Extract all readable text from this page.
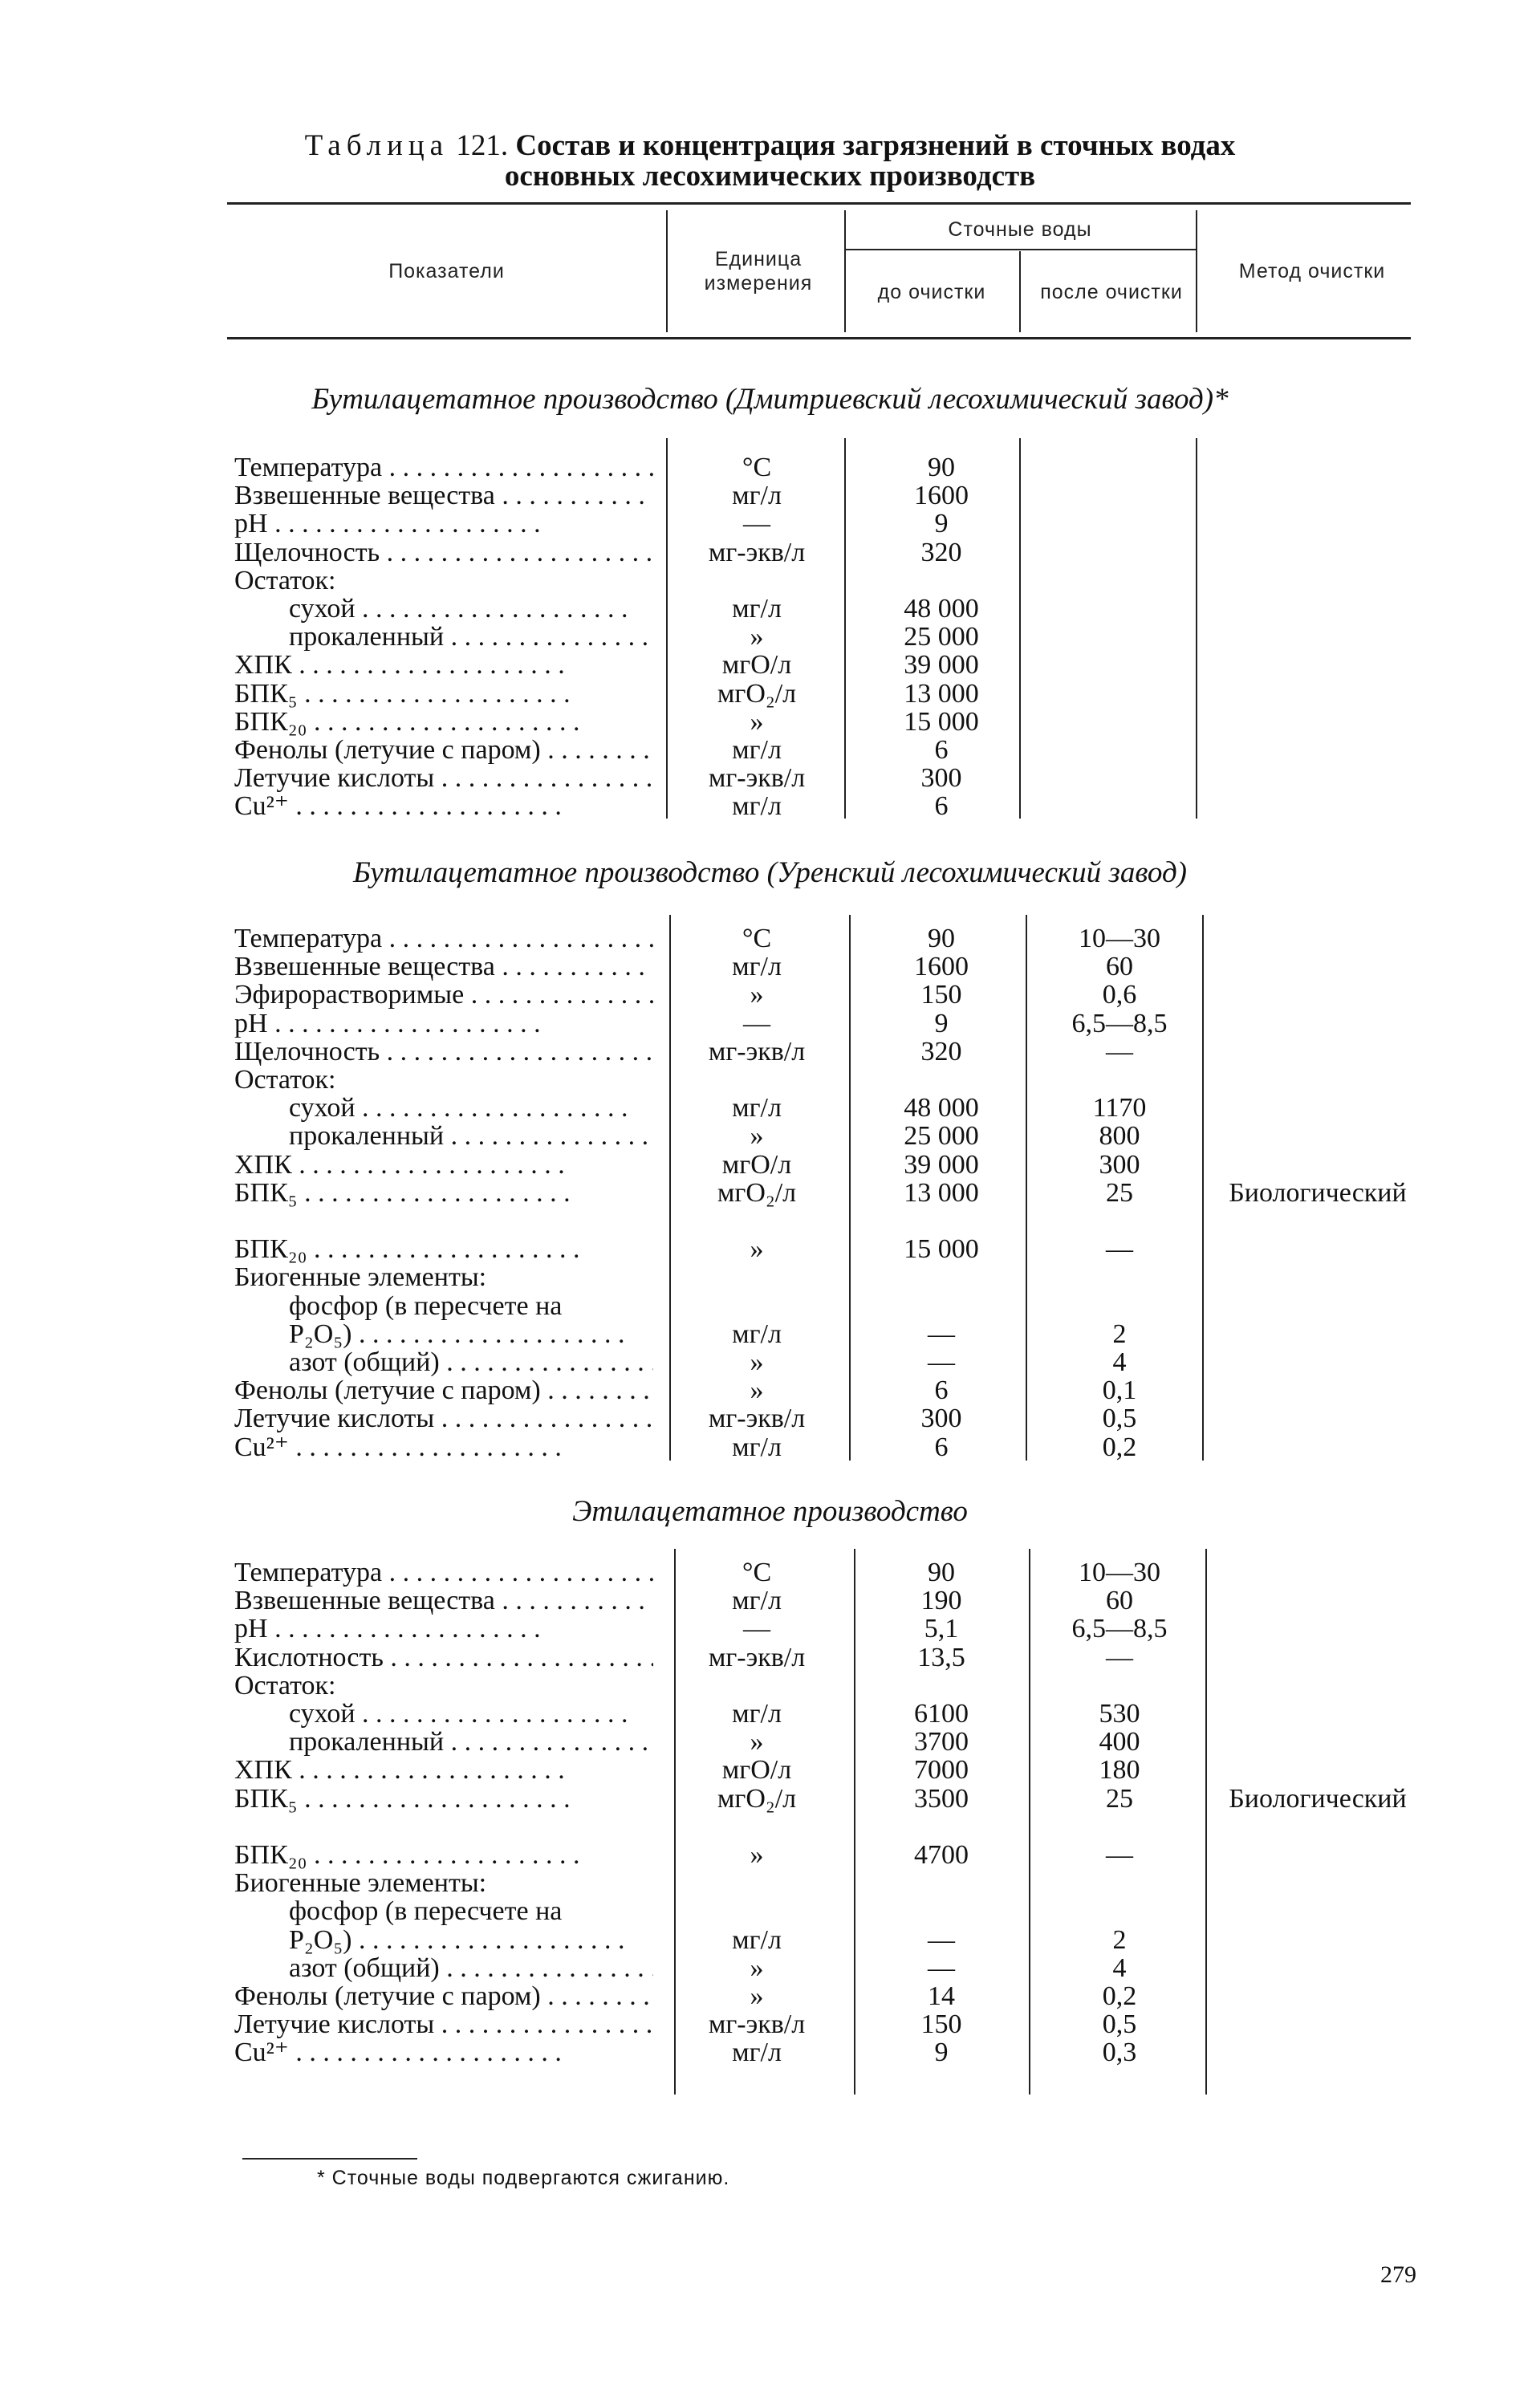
Таблица 121. Состав и концентрация загрязнений в сточных водах
основных лесохимических производств
Показатели
Единица измерения
Сточные воды
до очистки	после очистки
Метод очистки
Бутилацетатное производство (Дмитриевский лесохимический завод)*
Бутилацетатное производство (Уренский лесохимический завод)
Этилацетатное производство
Температура . .	°С	90
Взвешенные вещества . .	мг/л	1600
рН . .	—	9
Щелочность . .	мг-экв/л	320
Остаток:
сухой . .	мг/л	48 000
прокаленный . .	»	25 000
ХПК . .	мгО/л	39 000
БПК₅ . .	мгО₂/л	13 000
БПК₂₀ . .	»	15 000
Фенолы (летучие с паром) . .	мг/л	6
Летучие кислоты . .	мг-экв/л	300
Cu²⁺ . .	мг/л	6
Температура . .	°С	90	10—30
Взвешенные вещества . .	мг/л	1600	60
Эфирорастворимые . .	»	150	0,6
рН . .	—	9	6,5—8,5
Щелочность . .	мг-экв/л	320	—
Остаток:
сухой . .	мг/л	48 000	1170
прокаленный . .	»	25 000	800
ХПК . .	мгО/л	39 000	300
БПК₅ . .	мгО₂/л	13 000	25	Биологический
БПК₂₀ . .	»	15 000	—
Биогенные элементы:
фосфор (в пересчете на
P₂O₅) . .	мг/л	—	2
азот (общий) . .	»	—	4
Фенолы (летучие с паром) . .	»	6	0,1
Летучие кислоты . .	мг-экв/л	300	0,5
Cu²⁺ . .	мг/л	6	0,2
Температура . .	°С	90	10—30
Взвешенные вещества . .	мг/л	190	60
рН . .	—	5,1	6,5—8,5
Кислотность . .	мг-экв/л	13,5	—
Остаток:
сухой . .	мг/л	6100	530
прокаленный . .	»	3700	400
ХПК . .	мгО/л	7000	180
БПК₅ . .	мгО₂/л	3500	25	Биологический
БПК₂₀ . .	»	4700	—
Биогенные элементы:
фосфор (в пересчете на
P₂O₅) . .	мг/л	—	2
азот (общий) . .	»	—	4
Фенолы (летучие с паром) . .	»	14	0,2
Летучие кислоты . .	мг-экв/л	150	0,5
Cu²⁺ . .	мг/л	9	0,3
* Сточные воды подвергаются сжиганию.
279
